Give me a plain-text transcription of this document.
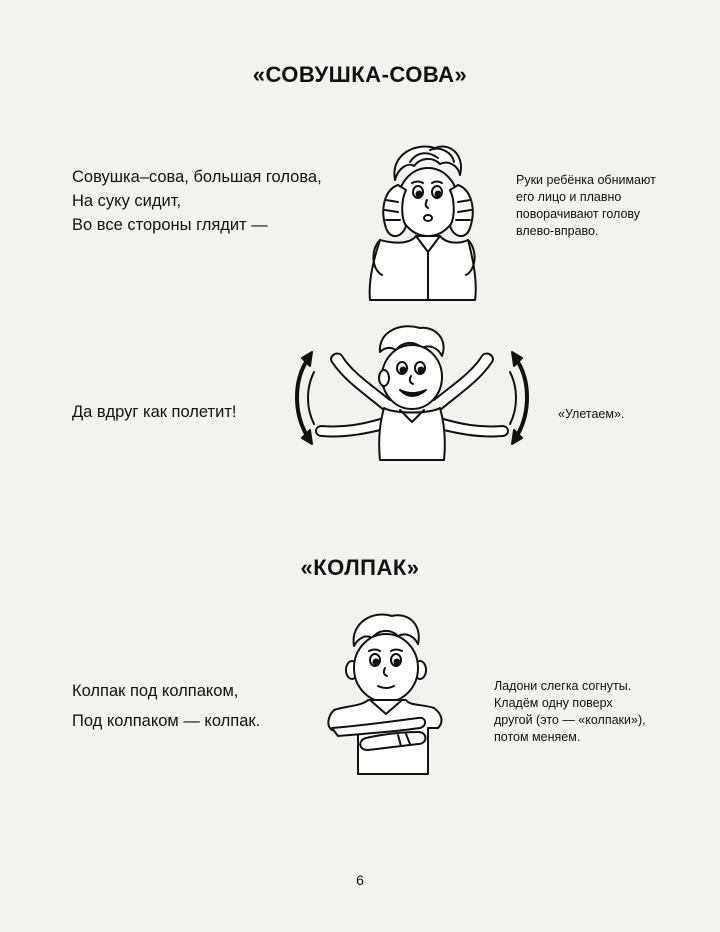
«СОВУШКА-СОВА»
Совушка–сова, большая голова,
На суку сидит,
Во все стороны глядит —
Руки ребёнка обнимают
его лицо и плавно
поворачивают голову
влево-вправо.
Да вдруг как полетит!	«Улетаем».
«КОЛПАК»
Колпак под колпаком,
Под колпаком — колпак.
Ладони слегка согнуты.
Кладём одну поверх
другой (это — «колпаки»),
потом меняем.
6
